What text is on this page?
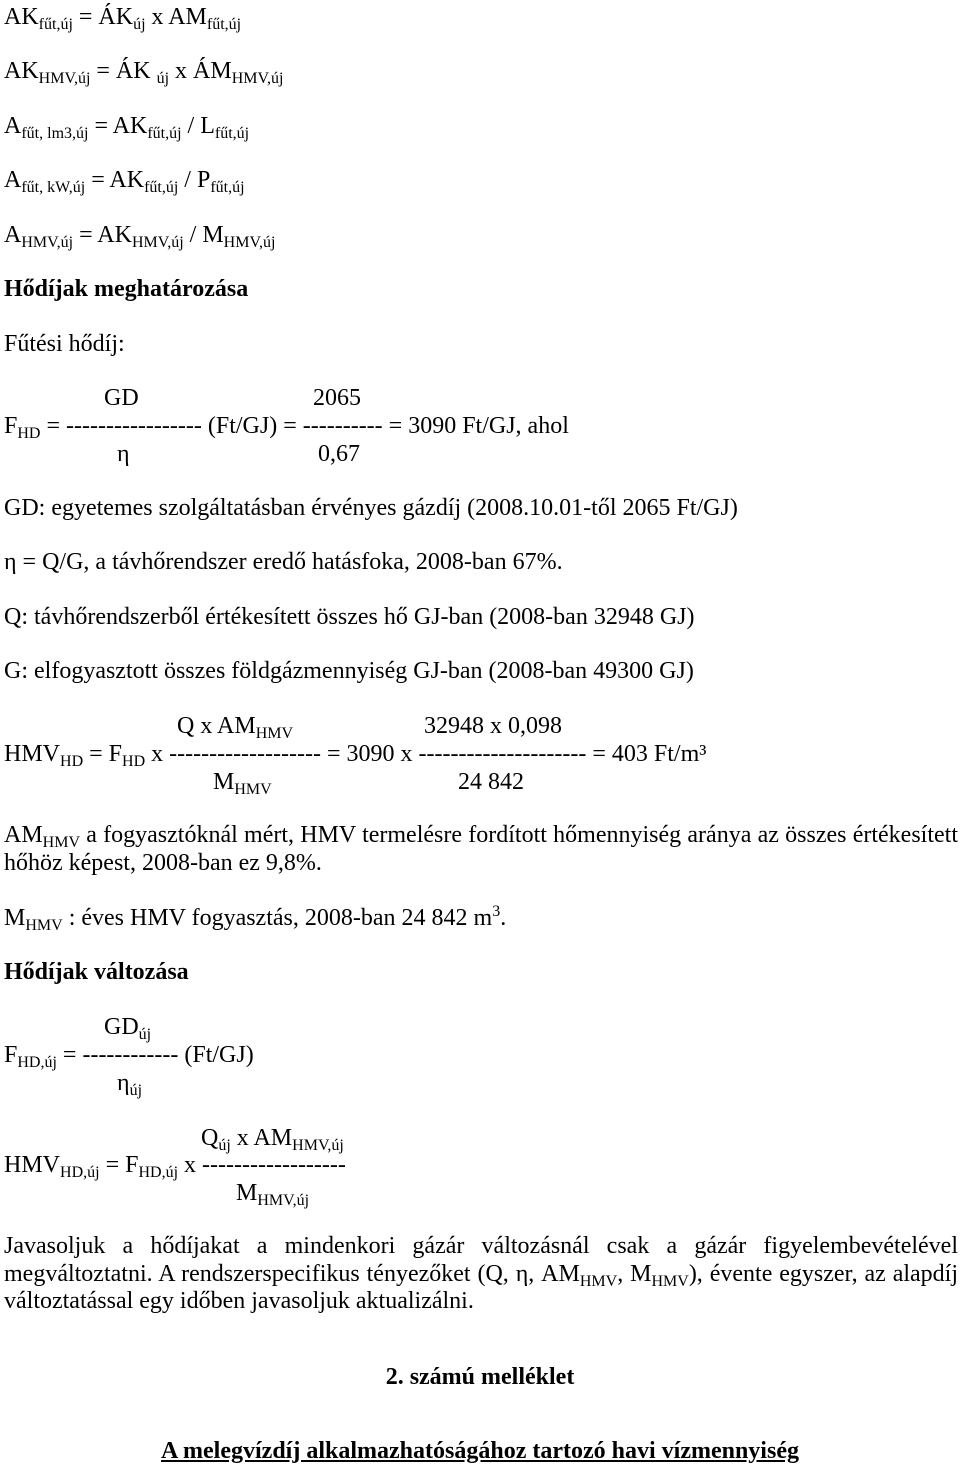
$AK_{fűt,új}$ = $ÁK_{új}$ x $AM_{fűt,új}$
$AK_{HMV,új}$ = ÁK $_{új}$ x $ÁM_{HMV,új}$
$A_{fűt, lm3,új} = AK_{fűt,új} / L_{fűt,új}$
$A_{fűt, kW,új} = AK_{fűt,új} / P_{fűt,új}$
$A_{HMV,új} = AK_{HMV,új} / M_{HMV,új}$
Hődíjak meghatározása
Fűtési hődíj:
GD	2065
$F_{HD}$ = ----------------- (Ft/GJ) = ---------- = 3090 Ft/GJ, ahol
η	0,67
GD: egyetemes szolgáltatásban érvényes gázdíj (2008.10.01-től 2065 Ft/GJ)
η = Q/G, a távhőrendszer eredő hatásfoka, 2008-ban 67%.
Q: távhőrendszerből értékesített összes hő GJ-ban (2008-ban 32948 GJ)
G: elfogyasztott összes földgázmennyiség GJ-ban (2008-ban 49300 GJ)
Q x $AM_{HMV}$	32948 x 0,098
$HMV_{HD} = F_{HD}$ x ------------------- = 3090 x --------------------- = 403 Ft/m³
$M_{HMV}$	24 842
$AM_{HMV}$ a fogyasztóknál mért, HMV termelésre fordított hőmennyiség aránya az összes értékesített
hőhöz képest, 2008-ban ez 9,8%.
$M_{HMV}$ : éves HMV fogyasztás, 2008-ban 24 842 $m^3$.
Hődíjak változása
$GD_{új}$
$F_{HD,új}$ = ------------ (Ft/GJ)
$\eta_{új}$
$Q_{új}$ x $AM_{HMV,új}$
$HMV_{HD,új} = F_{HD,új}$ x ------------------
$M_{HMV,új}$
Javasoljuk a hődíjakat a mindenkori gázár változásnál csak a gázár figyelembevételével
megváltoztatni. A rendszerspecifikus tényezőket (Q, η, $AM_{HMV}$, $M_{HMV}$), évente egyszer, az alapdíj
változtatással egy időben javasoljuk aktualizálni.
2. számú melléklet
A melegvízdíj alkalmazhatóságához tartozó havi vízmennyiség
